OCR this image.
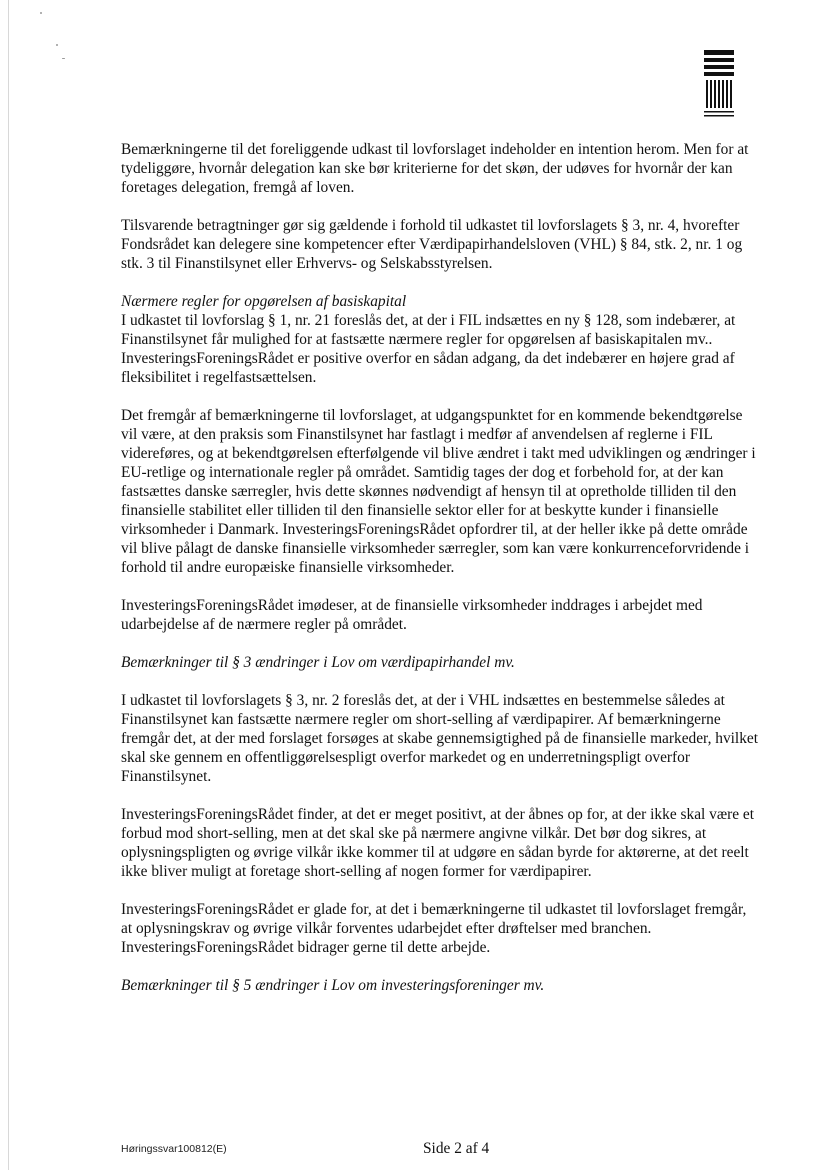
Bemærkningerne til det foreliggende udkast til lovforslaget indeholder en intention herom. Men for at tydeliggøre, hvornår delegation kan ske bør kriterierne for det skøn, der udøves for hvornår der kan foretages delegation, fremgå af loven.

Tilsvarende betragtninger gør sig gældende i forhold til udkastet til lovforslagets § 3, nr. 4, hvorefter Fondsrådet kan delegere sine kompetencer efter Værdipapirhandelsloven (VHL) § 84, stk. 2, nr. 1 og stk. 3 til Finanstilsynet eller Erhvervs- og Selskabsstyrelsen.

Nærmere regler for opgørelsen af basiskapital

I udkastet til lovforslag § 1, nr. 21 foreslås det, at der i FIL indsættes en ny § 128, som indebærer, at Finanstilsynet får mulighed for at fastsætte nærmere regler for opgørelsen af basiskapitalen mv.. InvesteringsForeningsRådet er positive overfor en sådan adgang, da det indebærer en højere grad af fleksibilitet i regelfastsættelsen.

Det fremgår af bemærkningerne til lovforslaget, at udgangspunktet for en kommende bekendtgørelse vil være, at den praksis som Finanstilsynet har fastlagt i medfør af anvendelsen af reglerne i FIL videreføres, og at bekendtgørelsen efterfølgende vil blive ændret i takt med udviklingen og ændringer i EU-retlige og internationale regler på området. Samtidig tages der dog et forbehold for, at der kan fastsættes danske særregler, hvis dette skønnes nødvendigt af hensyn til at opretholde tilliden til den finansielle stabilitet eller tilliden til den finansielle sektor eller for at beskytte kunder i finansielle virksomheder i Danmark. InvesteringsForeningsRådet opfordrer til, at der heller ikke på dette område vil blive pålagt de danske finansielle virksomheder særregler, som kan være konkurrenceforvridende i forhold til andre europæiske finansielle virksomheder.

InvesteringsForeningsRådet imødeser, at de finansielle virksomheder inddrages i arbejdet med udarbejdelse af de nærmere regler på området.

Bemærkninger til § 3 ændringer i Lov om værdipapirhandel mv.

I udkastet til lovforslagets § 3, nr. 2 foreslås det, at der i VHL indsættes en bestemmelse således at Finanstilsynet kan fastsætte nærmere regler om short-selling af værdipapirer. Af bemærkningerne fremgår det, at der med forslaget forsøges at skabe gennemsigtighed på de finansielle markeder, hvilket skal ske gennem en offentliggørelsespligt overfor markedet og en underretningspligt overfor Finanstilsynet.

InvesteringsForeningsRådet finder, at det er meget positivt, at der åbnes op for, at der ikke skal være et forbud mod short-selling, men at det skal ske på nærmere angivne vilkår. Det bør dog sikres, at oplysningspligten og øvrige vilkår ikke kommer til at udgøre en sådan byrde for aktørerne, at det reelt ikke bliver muligt at foretage short-selling af nogen former for værdipapirer.

InvesteringsForeningsRådet er glade for, at det i bemærkningerne til udkastet til lovforslaget fremgår, at oplysningskrav og øvrige vilkår forventes udarbejdet efter drøftelser med branchen. InvesteringsForeningsRådet bidrager gerne til dette arbejde.

Bemærkninger til § 5 ændringer i Lov om investeringsforeninger mv.

Høringssvar100812(E)	Side 2 af 4
